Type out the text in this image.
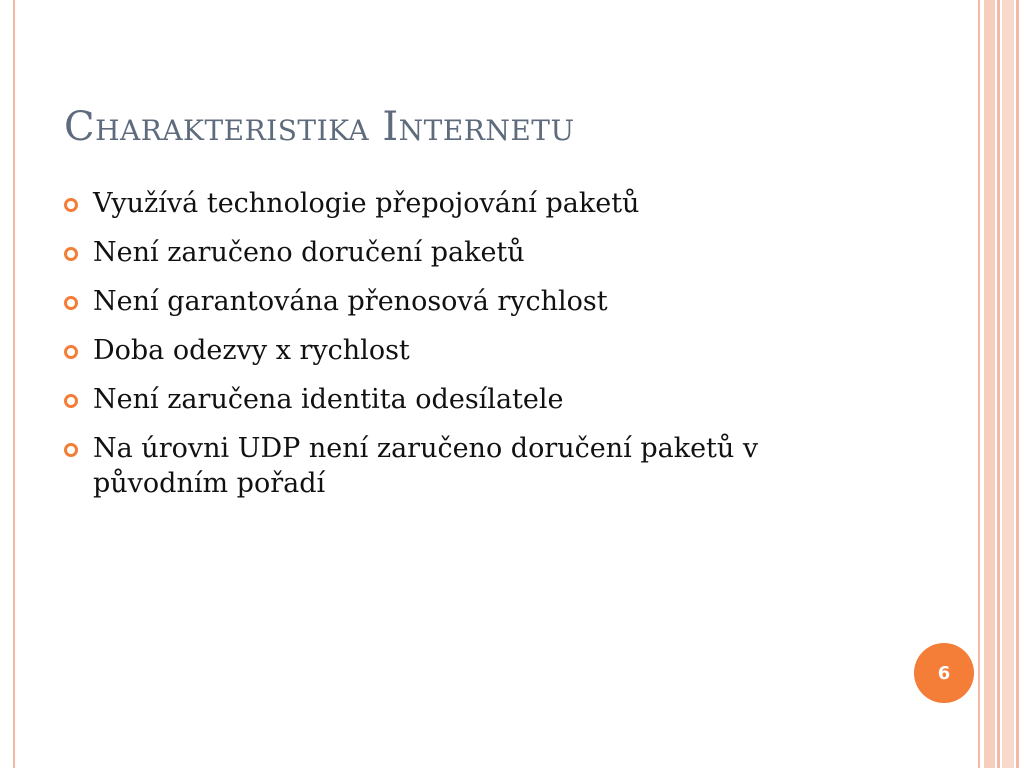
Charakteristika Internetu
Využívá technologie přepojování paketů
Není zaručeno doručení paketů
Není garantována přenosová rychlost
Doba odezvy x rychlost
Není zaručena identita odesílatele
Na úrovni UDP není zaručeno doručení paketů v původním pořadí
6
